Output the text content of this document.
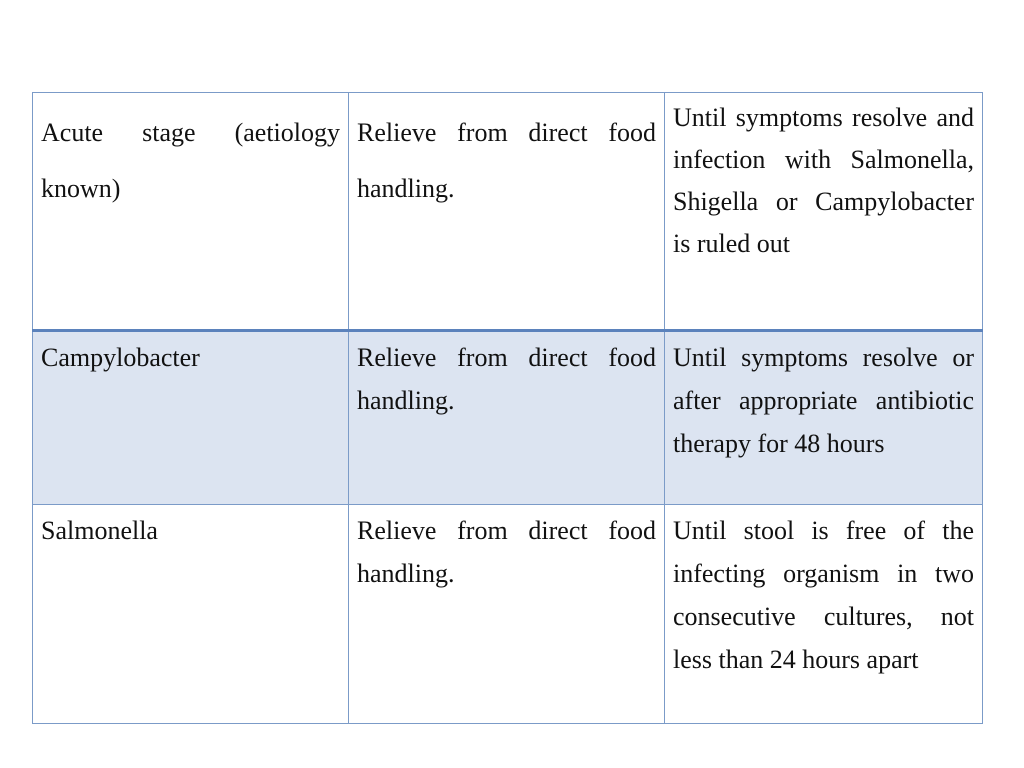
Acute stage (aetiology known)	Relieve from direct food handling.	Until symptoms resolve and infection with Salmonella, Shigella or Campylobacter is ruled out

Campylobacter	Relieve from direct food handling.	Until symptoms resolve or after appropriate antibiotic therapy for 48 hours

Salmonella	Relieve from direct food handling.	Until stool is free of the infecting organism in two consecutive cultures, not less than 24 hours apart
